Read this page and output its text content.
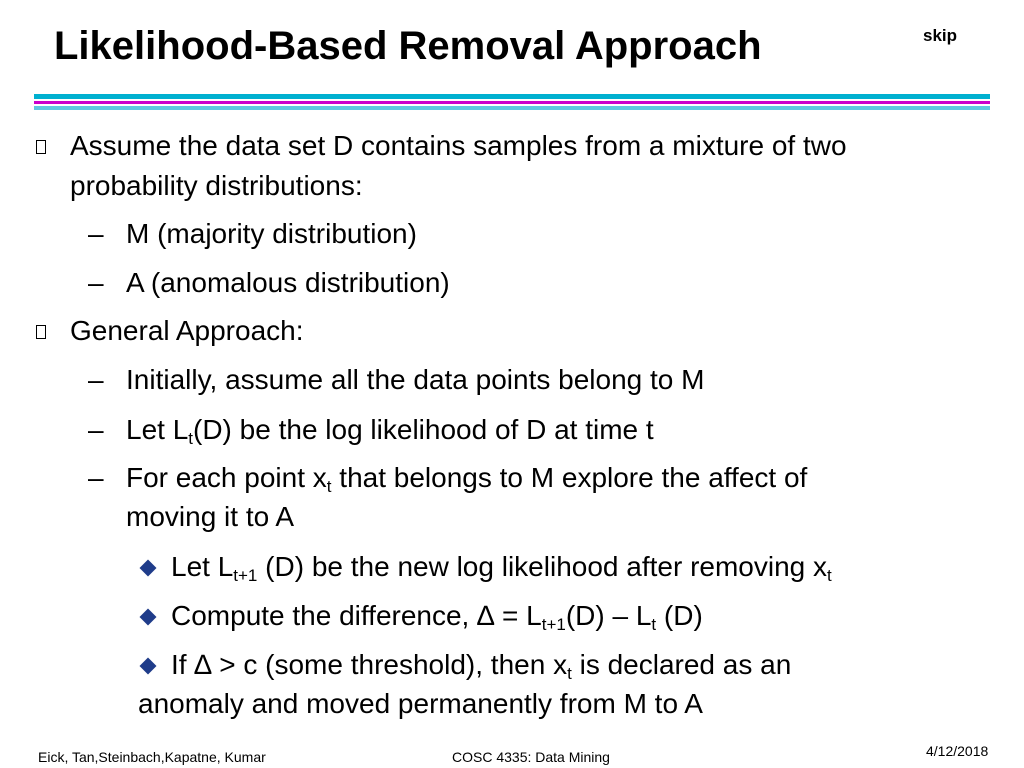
Likelihood-Based Removal Approach	skip
Assume the data set D contains samples from a mixture of two
probability distributions:
– M (majority distribution)
– A (anomalous distribution)
General Approach:
– Initially, assume all the data points belong to M
– Let $L_t(D)$ be the log likelihood of D at time t
– For each point $x_t$ that belongs to M explore the affect of
moving it to A
Let $L_{t+1}$ (D) be the new log likelihood after removing $x_t$
Compute the difference, ∆ = $L_{t+1}(D) - L_t$ (D)
If ∆ > c (some threshold), then $x_t$ is declared as an
anomaly and moved permanently from M to A
Eick, Tan,Steinbach,Kapatne, Kumar	COSC 4335: Data Mining	4/12/2018
